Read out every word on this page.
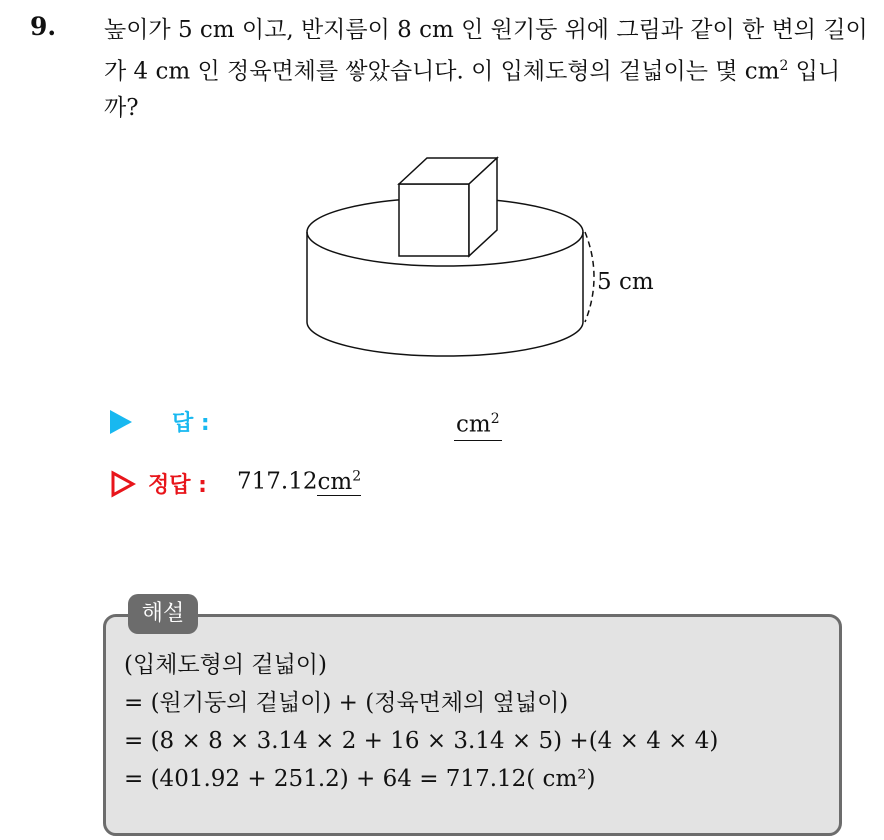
9. 높이가 5 cm 이고, 반지름이 8 cm 인 원기둥 위에 그림과 같이 한 변의 길이가 4 cm 인 정육면체를 쌓았습니다. 이 입체도형의 겉넓이는 몇 $cm^2$ 입니까?
5 cm
답 :	$cm^2$
정답 : $717.12cm^2$
해설
(입체도형의 겉넓이)
= (원기둥의 겉넓이) + (정육면체의 옆넓이)
= (8 × 8 × 3.14 × 2 + 16 × 3.14 × 5) +(4 × 4 × 4)
= (401.92 + 251.2) + 64 = 717.12( cm²)
